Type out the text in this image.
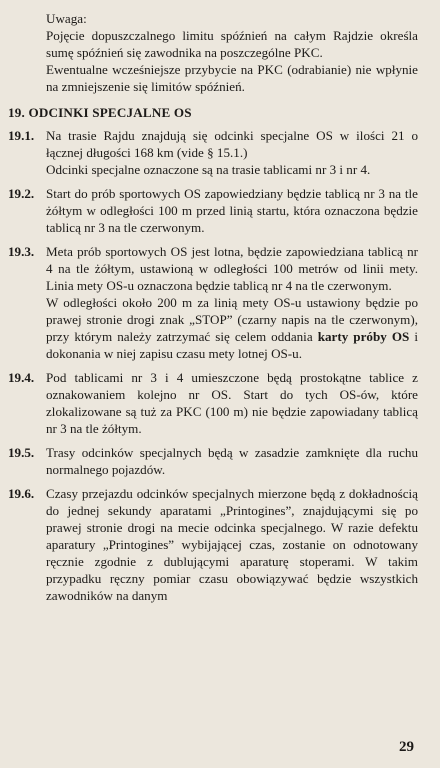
Uwaga:

Pojęcie dopuszczalnego limitu spóźnień na całym Rajdzie określa sumę spóźnień się zawodnika na poszczególne PKC.

Ewentualne wcześniejsze przybycie na PKC (odrabianie) nie wpłynie na zmniejszenie się limitów spóźnień.

19. ODCINKI SPECJALNE OS
19.1. Na trasie Rajdu znajdują się odcinki specjalne OS w ilości 21 o łącznej długości 168 km (vide § 15.1.)

Odcinki specjalne oznaczone są na trasie tablicami nr 3 i nr 4.

19.2. Start do prób sportowych OS zapowiedziany będzie tablicą nr 3 na tle żółtym w odległości 100 m przed linią startu, która oznaczona będzie tablicą nr 3 na tle czerwonym.

19.3. Meta prób sportowych OS jest lotna, będzie zapowiedziana tablicą nr 4 na tle żółtym, ustawioną w odległości 100 metrów od linii mety. Linia mety OS-u oznaczona będzie tablicą nr 4 na tle czerwonym.

W odległości około 200 m za linią mety OS-u ustawiony będzie po prawej stronie drogi znak „STOP” (czarny napis na tle czerwonym), przy którym należy zatrzymać się celem oddania karty próby OS i dokonania w niej zapisu czasu mety lotnej OS-u.

19.4. Pod tablicami nr 3 i 4 umieszczone będą prostokątne tablice z oznakowaniem kolejno nr OS. Start do tych OS-ów, które zlokalizowane są tuż za PKC (100 m) nie będzie zapowiadany tablicą nr 3 na tle żółtym.

19.5. Trasy odcinków specjalnych będą w zasadzie zamknięte dla ruchu normalnego pojazdów.

19.6. Czasy przejazdu odcinków specjalnych mierzone będą z dokładnością do jednej sekundy aparatami „Printogines”, znajdującymi się po prawej stronie drogi na mecie odcinka specjalnego. W razie defektu aparatury „Printogines” wybijającej czas, zostanie on odnotowany ręcznie zgodnie z dublującymi aparaturę stoperami. W takim przypadku ręczny pomiar czasu obowiązywać będzie wszystkich zawodników na danym

29
